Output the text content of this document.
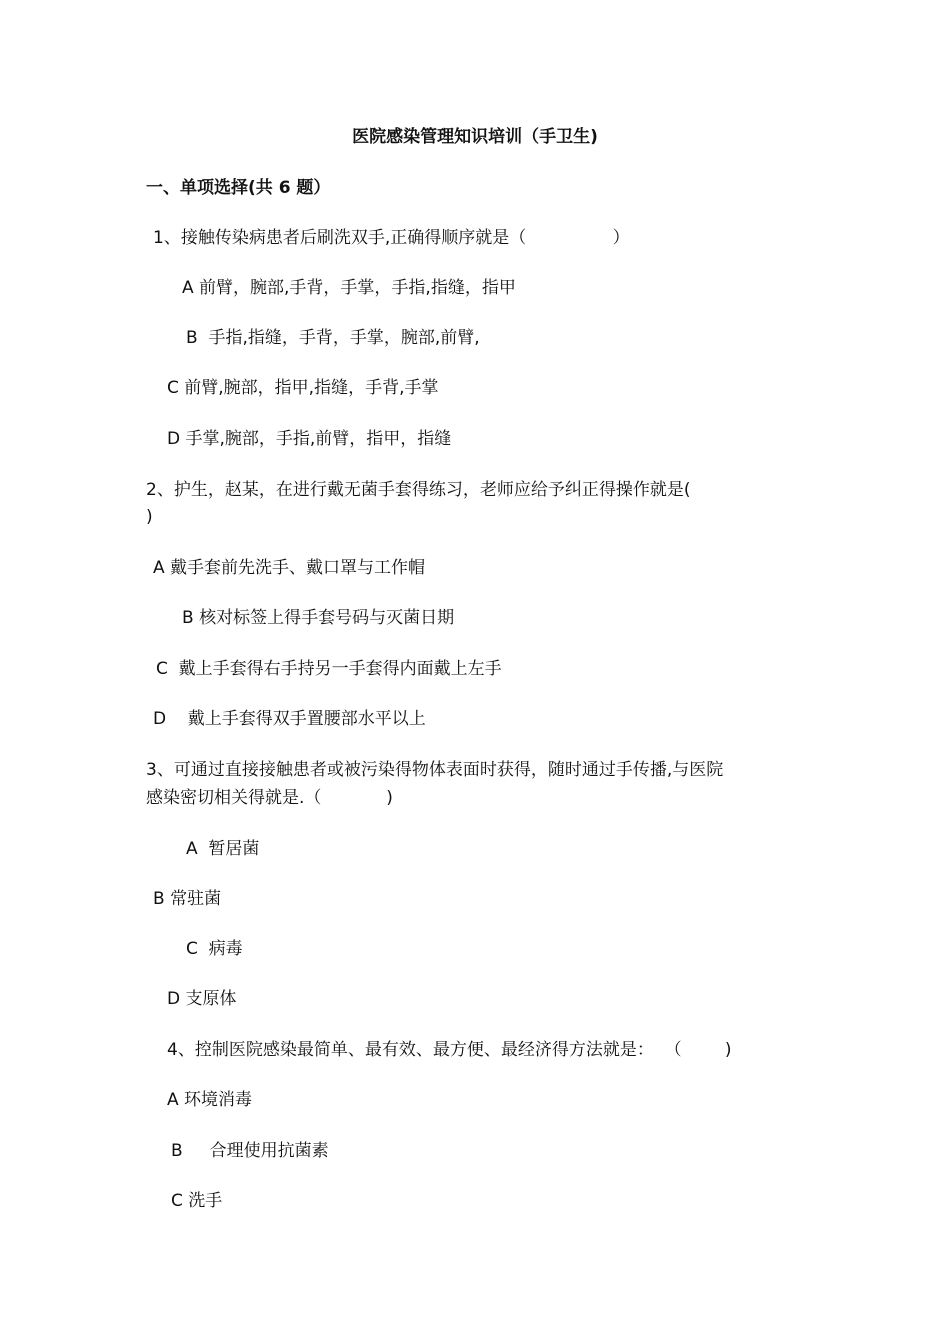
医院感染管理知识培训（手卫生)
一、单项选择(共 6 题）
1、接触传染病患者后刷洗双手,正确得顺序就是（                ）
A 前臂，腕部,手背，手掌，手指,指缝，指甲
B  手指,指缝，手背，手掌，腕部,前臂,
C 前臂,腕部，指甲,指缝，手背,手掌
D 手掌,腕部，手指,前臂，指甲，指缝
2、护生，赵某，在进行戴无菌手套得练习，老师应给予纠正得操作就是(
)
A 戴手套前先洗手、戴口罩与工作帽
B 核对标签上得手套号码与灭菌日期
C  戴上手套得右手持另一手套得内面戴上左手
D    戴上手套得双手置腰部水平以上
3、可通过直接接触患者或被污染得物体表面时获得，随时通过手传播,与医院
感染密切相关得就是.（            )
A  暂居菌
B 常驻菌
C  病毒
D 支原体
4、控制医院感染最简单、最有效、最方便、最经济得方法就是：  （        )
A 环境消毒
B     合理使用抗菌素
C 洗手
